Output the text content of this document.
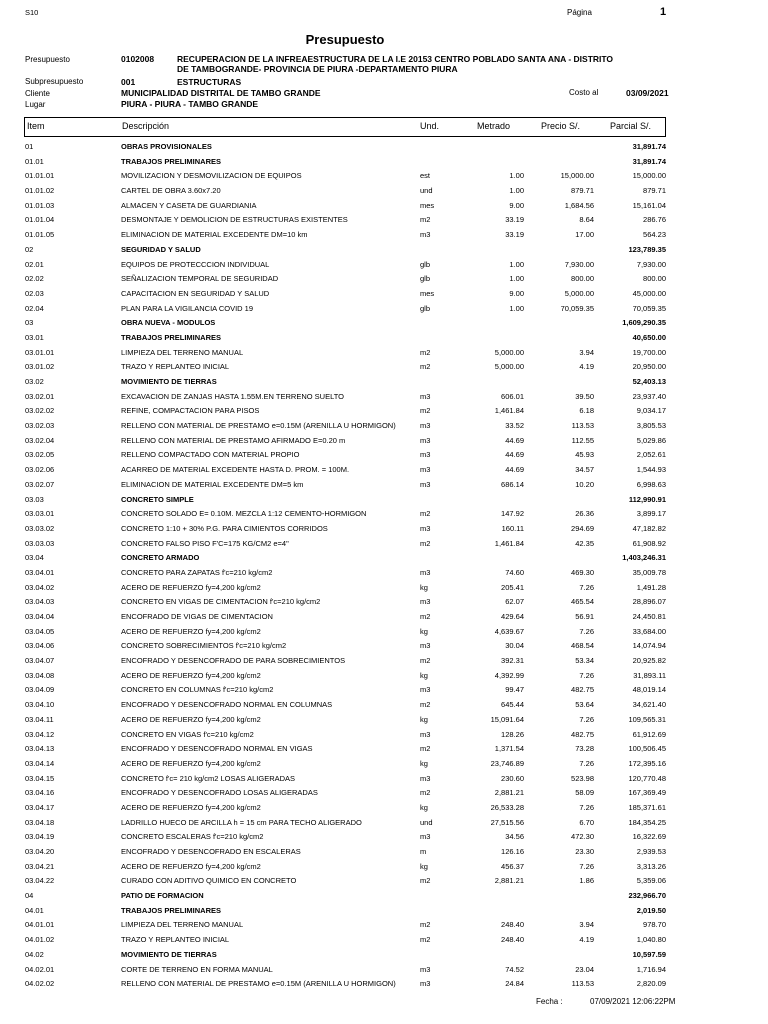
S10	Página	1
Presupuesto
Presupuesto	0102008	RECUPERACION DE LA INFREAESTRUCTURA DE LA I.E 20153 CENTRO POBLADO SANTA ANA - DISTRITO DE TAMBOGRANDE- PROVINCIA DE PIURA -DEPARTAMENTO PIURA
Subpresupuesto	001	ESTRUCTURAS
Cliente	MUNICIPALIDAD DISTRITAL DE TAMBO GRANDE	Costo al	03/09/2021
Lugar	PIURA - PIURA - TAMBO GRANDE
Item	Descripción	Und.	Metrado	Precio S/.	Parcial S/.
01	OBRAS PROVISIONALES	31,891.74
01.01	TRABAJOS PRELIMINARES	31,891.74
01.01.01	MOVILIZACION Y DESMOVILIZACION DE EQUIPOS	est	1.00	15,000.00	15,000.00
01.01.02	CARTEL DE OBRA 3.60x7.20	und	1.00	879.71	879.71
01.01.03	ALMACEN Y CASETA DE GUARDIANIA	mes	9.00	1,684.56	15,161.04
01.01.04	DESMONTAJE Y DEMOLICION DE ESTRUCTURAS EXISTENTES	m2	33.19	8.64	286.76
01.01.05	ELIMINACION DE MATERIAL EXCEDENTE DM=10 km	m3	33.19	17.00	564.23
02	SEGURIDAD Y SALUD	123,789.35
02.01	EQUIPOS DE PROTECCCION INDIVIDUAL	glb	1.00	7,930.00	7,930.00
02.02	SEÑALIZACION TEMPORAL DE SEGURIDAD	glb	1.00	800.00	800.00
02.03	CAPACITACION EN SEGURIDAD Y SALUD	mes	9.00	5,000.00	45,000.00
02.04	PLAN PARA LA VIGILANCIA COVID 19	glb	1.00	70,059.35	70,059.35
03	OBRA NUEVA - MODULOS	1,609,290.35
03.01	TRABAJOS PRELIMINARES	40,650.00
03.01.01	LIMPIEZA DEL TERRENO MANUAL	m2	5,000.00	3.94	19,700.00
03.01.02	TRAZO Y REPLANTEO INICIAL	m2	5,000.00	4.19	20,950.00
03.02	MOVIMIENTO DE TIERRAS	52,403.13
03.02.01	EXCAVACION DE ZANJAS HASTA 1.55M.EN TERRENO SUELTO	m3	606.01	39.50	23,937.40
03.02.02	REFINE, COMPACTACION PARA PISOS	m2	1,461.84	6.18	9,034.17
03.02.03	RELLENO CON MATERIAL DE PRESTAMO e=0.15M (ARENILLA U HORMIGON)	m3	33.52	113.53	3,805.53
03.02.04	RELLENO CON MATERIAL DE PRESTAMO AFIRMADO E=0.20 m	m3	44.69	112.55	5,029.86
03.02.05	RELLENO COMPACTADO CON MATERIAL PROPIO	m3	44.69	45.93	2,052.61
03.02.06	ACARREO DE MATERIAL EXCEDENTE HASTA D. PROM. = 100M.	m3	44.69	34.57	1,544.93
03.02.07	ELIMINACION DE MATERIAL EXCEDENTE DM=5 km	m3	686.14	10.20	6,998.63
03.03	CONCRETO SIMPLE	112,990.91
03.03.01	CONCRETO SOLADO E= 0.10M. MEZCLA 1:12 CEMENTO-HORMIGON	m2	147.92	26.36	3,899.17
03.03.02	CONCRETO 1:10 + 30% P.G. PARA CIMIENTOS CORRIDOS	m3	160.11	294.69	47,182.82
03.03.03	CONCRETO FALSO PISO F'C=175 KG/CM2 e=4"	m2	1,461.84	42.35	61,908.92
03.04	CONCRETO ARMADO	1,403,246.31
03.04.01	CONCRETO PARA ZAPATAS f'c=210 kg/cm2	m3	74.60	469.30	35,009.78
03.04.02	ACERO DE REFUERZO fy=4,200 kg/cm2	kg	205.41	7.26	1,491.28
03.04.03	CONCRETO EN VIGAS DE CIMENTACION f'c=210 kg/cm2	m3	62.07	465.54	28,896.07
03.04.04	ENCOFRADO DE VIGAS DE CIMENTACION	m2	429.64	56.91	24,450.81
03.04.05	ACERO DE REFUERZO fy=4,200 kg/cm2	kg	4,639.67	7.26	33,684.00
03.04.06	CONCRETO SOBRECIMIENTOS f'c=210 kg/cm2	m3	30.04	468.54	14,074.94
03.04.07	ENCOFRADO Y DESENCOFRADO DE PARA SOBRECIMIENTOS	m2	392.31	53.34	20,925.82
03.04.08	ACERO DE REFUERZO fy=4,200 kg/cm2	kg	4,392.99	7.26	31,893.11
03.04.09	CONCRETO EN COLUMNAS f'c=210 kg/cm2	m3	99.47	482.75	48,019.14
03.04.10	ENCOFRADO Y DESENCOFRADO NORMAL EN COLUMNAS	m2	645.44	53.64	34,621.40
03.04.11	ACERO DE REFUERZO fy=4,200 kg/cm2	kg	15,091.64	7.26	109,565.31
03.04.12	CONCRETO EN VIGAS f'c=210 kg/cm2	m3	128.26	482.75	61,912.69
03.04.13	ENCOFRADO Y DESENCOFRADO NORMAL EN VIGAS	m2	1,371.54	73.28	100,506.45
03.04.14	ACERO DE REFUERZO fy=4,200 kg/cm2	kg	23,746.89	7.26	172,395.16
03.04.15	CONCRETO f'c= 210 kg/cm2 LOSAS ALIGERADAS	m3	230.60	523.98	120,770.48
03.04.16	ENCOFRADO Y DESENCOFRADO LOSAS ALIGERADAS	m2	2,881.21	58.09	167,369.49
03.04.17	ACERO DE REFUERZO fy=4,200 kg/cm2	kg	26,533.28	7.26	185,371.61
03.04.18	LADRILLO HUECO DE ARCILLA h = 15 cm PARA TECHO ALIGERADO	und	27,515.56	6.70	184,354.25
03.04.19	CONCRETO ESCALERAS f'c=210 kg/cm2	m3	34.56	472.30	16,322.69
03.04.20	ENCOFRADO Y DESENCOFRADO EN ESCALERAS	m	126.16	23.30	2,939.53
03.04.21	ACERO DE REFUERZO fy=4,200 kg/cm2	kg	456.37	7.26	3,313.26
03.04.22	CURADO CON ADITIVO QUIMICO EN CONCRETO	m2	2,881.21	1.86	5,359.06
04	PATIO DE FORMACION	232,966.70
04.01	TRABAJOS PRELIMINARES	2,019.50
04.01.01	LIMPIEZA DEL TERRENO MANUAL	m2	248.40	3.94	978.70
04.01.02	TRAZO Y REPLANTEO INICIAL	m2	248.40	4.19	1,040.80
04.02	MOVIMIENTO DE TIERRAS	10,597.59
04.02.01	CORTE DE TERRENO EN FORMA MANUAL	m3	74.52	23.04	1,716.94
04.02.02	RELLENO CON MATERIAL DE PRESTAMO e=0.15M (ARENILLA U HORMIGON)	m3	24.84	113.53	2,820.09
Fecha :	07/09/2021 12:06:22PM
